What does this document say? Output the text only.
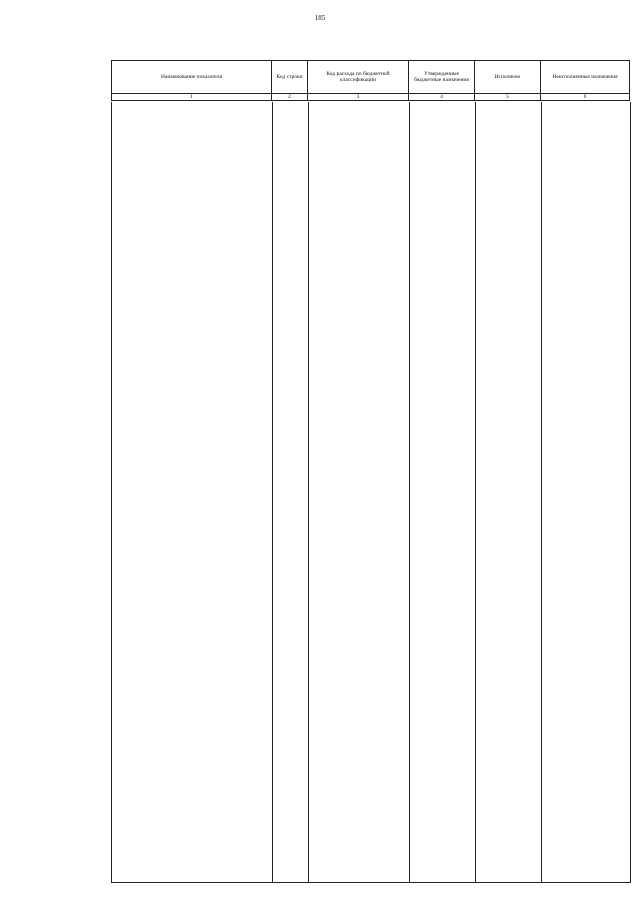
185
Наименование показателя	Код строки	Код расхода по бюджетной классификации	Утвержденные бюджетные назначения	Исполнено	Неисполненные назначения
1	2	3	4	5	6
